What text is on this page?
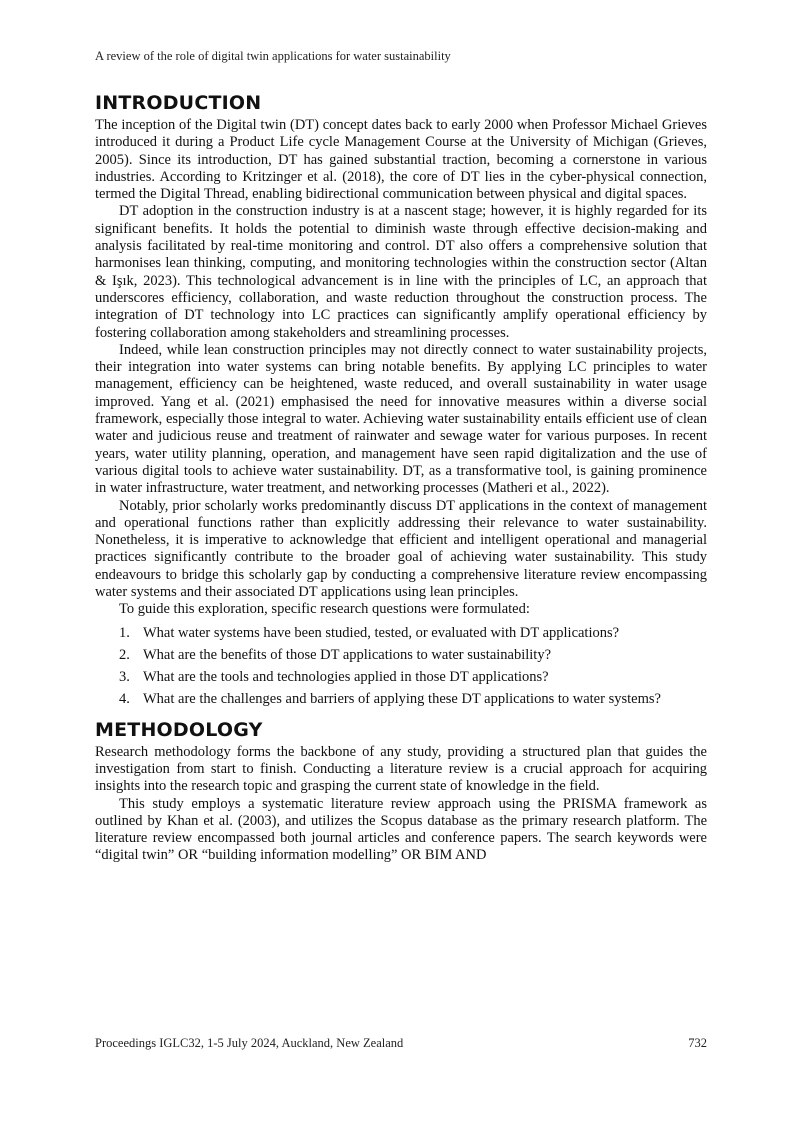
A review of the role of digital twin applications for water sustainability
INTRODUCTION

The inception of the Digital twin (DT) concept dates back to early 2000 when Professor Michael Grieves introduced it during a Product Life cycle Management Course at the University of Michigan (Grieves, 2005). Since its introduction, DT has gained substantial traction, becoming a cornerstone in various industries. According to Kritzinger et al. (2018), the core of DT lies in the cyber-physical connection, termed the Digital Thread, enabling bidirectional communication between physical and digital spaces.

DT adoption in the construction industry is at a nascent stage; however, it is highly regarded for its significant benefits. It holds the potential to diminish waste through effective decision-making and analysis facilitated by real-time monitoring and control. DT also offers a comprehensive solution that harmonises lean thinking, computing, and monitoring technologies within the construction sector (Altan & Işık, 2023). This technological advancement is in line with the principles of LC, an approach that underscores efficiency, collaboration, and waste reduction throughout the construction process. The integration of DT technology into LC practices can significantly amplify operational efficiency by fostering collaboration among stakeholders and streamlining processes.

Indeed, while lean construction principles may not directly connect to water sustainability projects, their integration into water systems can bring notable benefits. By applying LC principles to water management, efficiency can be heightened, waste reduced, and overall sustainability in water usage improved. Yang et al. (2021) emphasised the need for innovative measures within a diverse social framework, especially those integral to water. Achieving water sustainability entails efficient use of clean water and judicious reuse and treatment of rainwater and sewage water for various purposes. In recent years, water utility planning, operation, and management have seen rapid digitalization and the use of various digital tools to achieve water sustainability. DT, as a transformative tool, is gaining prominence in water infrastructure, water treatment, and networking processes (Matheri et al., 2022).

Notably, prior scholarly works predominantly discuss DT applications in the context of management and operational functions rather than explicitly addressing their relevance to water sustainability. Nonetheless, it is imperative to acknowledge that efficient and intelligent operational and managerial practices significantly contribute to the broader goal of achieving water sustainability. This study endeavours to bridge this scholarly gap by conducting a comprehensive literature review encompassing water systems and their associated DT applications using lean principles.

To guide this exploration, specific research questions were formulated:

1. What water systems have been studied, tested, or evaluated with DT applications?
2. What are the benefits of those DT applications to water sustainability?
3. What are the tools and technologies applied in those DT applications?
4. What are the challenges and barriers of applying these DT applications to water systems?
METHODOLOGY

Research methodology forms the backbone of any study, providing a structured plan that guides the investigation from start to finish. Conducting a literature review is a crucial approach for acquiring insights into the research topic and grasping the current state of knowledge in the field.

This study employs a systematic literature review approach using the PRISMA framework as outlined by Khan et al. (2003), and utilizes the Scopus database as the primary research platform. The literature review encompassed both journal articles and conference papers. The search keywords were “digital twin” OR “building information modelling” OR BIM AND

Proceedings IGLC32, 1-5 July 2024, Auckland, New Zealand	732
